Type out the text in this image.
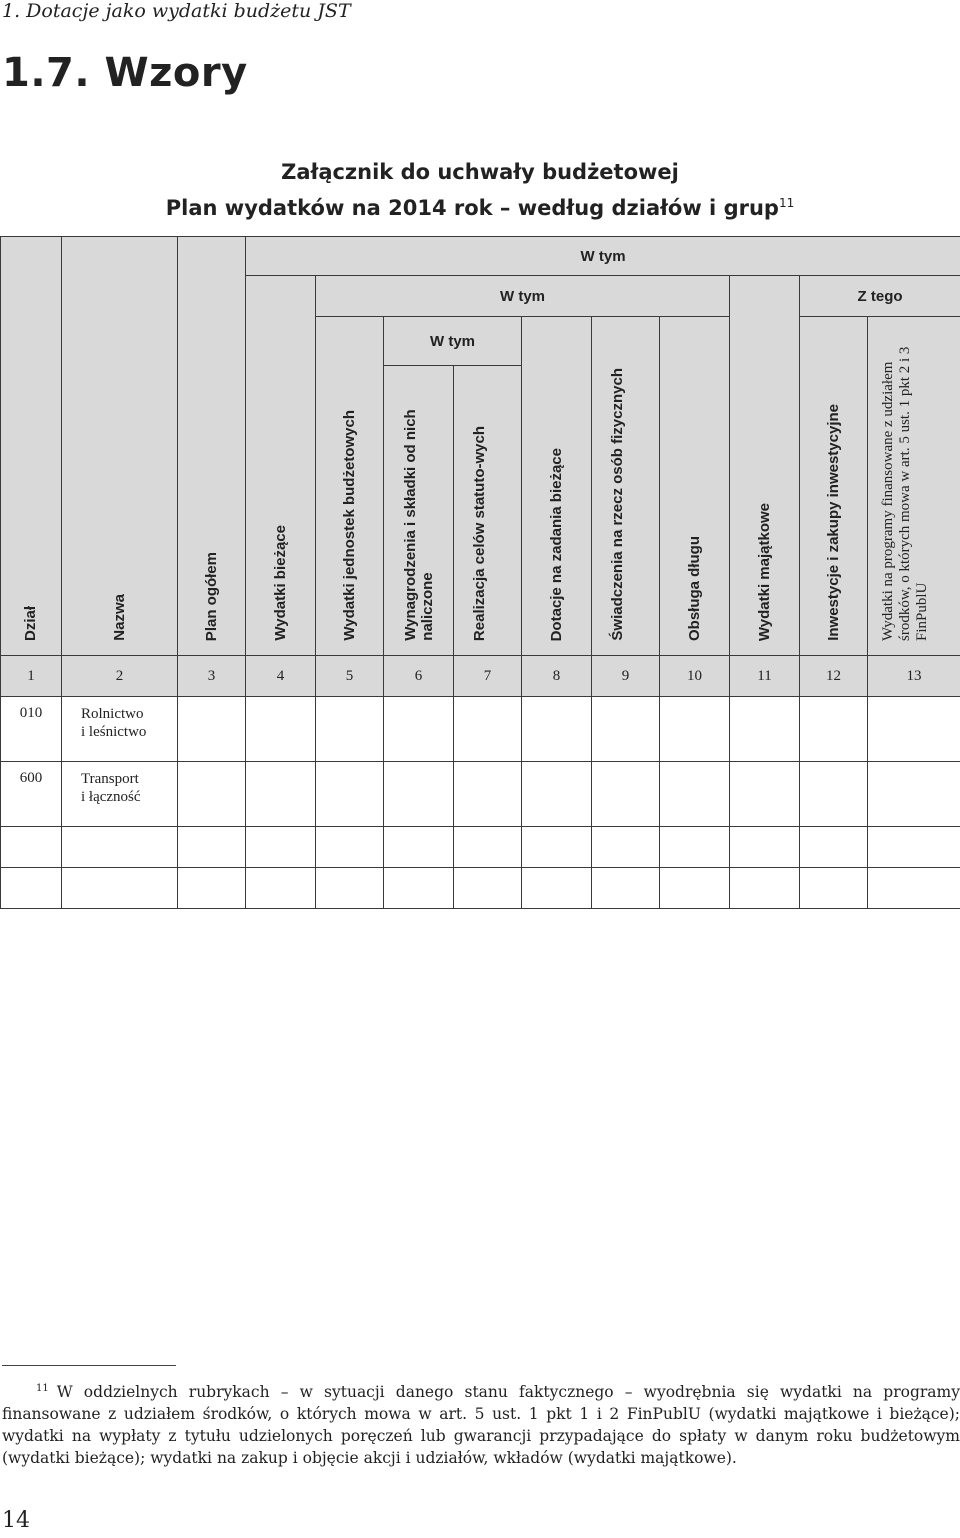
1. Dotacje jako wydatki budżetu JST
1.7. Wzory
Załącznik do uchwały budżetowej
Plan wydatków na 2014 rok – według działów i grup$^{11}$
Dział	Nazwa	Plan ogółem	W tym									

			Wydatki bieżące	W tym						Wydatki majątkowe	Z tego	

				Wydatki jednostek budżetowych	W tym		Dotacje na zadania bieżące	Świadczenia na rzecz osób fizycznych	Obsługa długu		Inwestycje i zakupy inwestycyjne	Wydatki na programy finansowane z udziałem środków, o których mowa w art. 5 ust. 1 pkt 2 i 3 FinPublU

					Wynagrodzenia i składki od nich naliczone	Realizacja celów statuto-wych						

1	2	3	4	5	6	7	8	9	10	11	12	13
010	Rolnictwo
i leśnictwo											

600	Transport
i łączność											

$^{11}$ W oddzielnych rubrykach – w sytuacji danego stanu faktycznego – wyodrębnia się wydatki na programy finansowane z udziałem środków, o których mowa w art. 5 ust. 1 pkt 1 i 2 FinPublU (wydatki majątkowe i bieżące); wydatki na wypłaty z tytułu udzielonych poręczeń lub gwarancji przypadające do spłaty w danym roku budżetowym (wydatki bieżące); wydatki na zakup i objęcie akcji i udziałów, wkładów (wydatki majątkowe).
14
